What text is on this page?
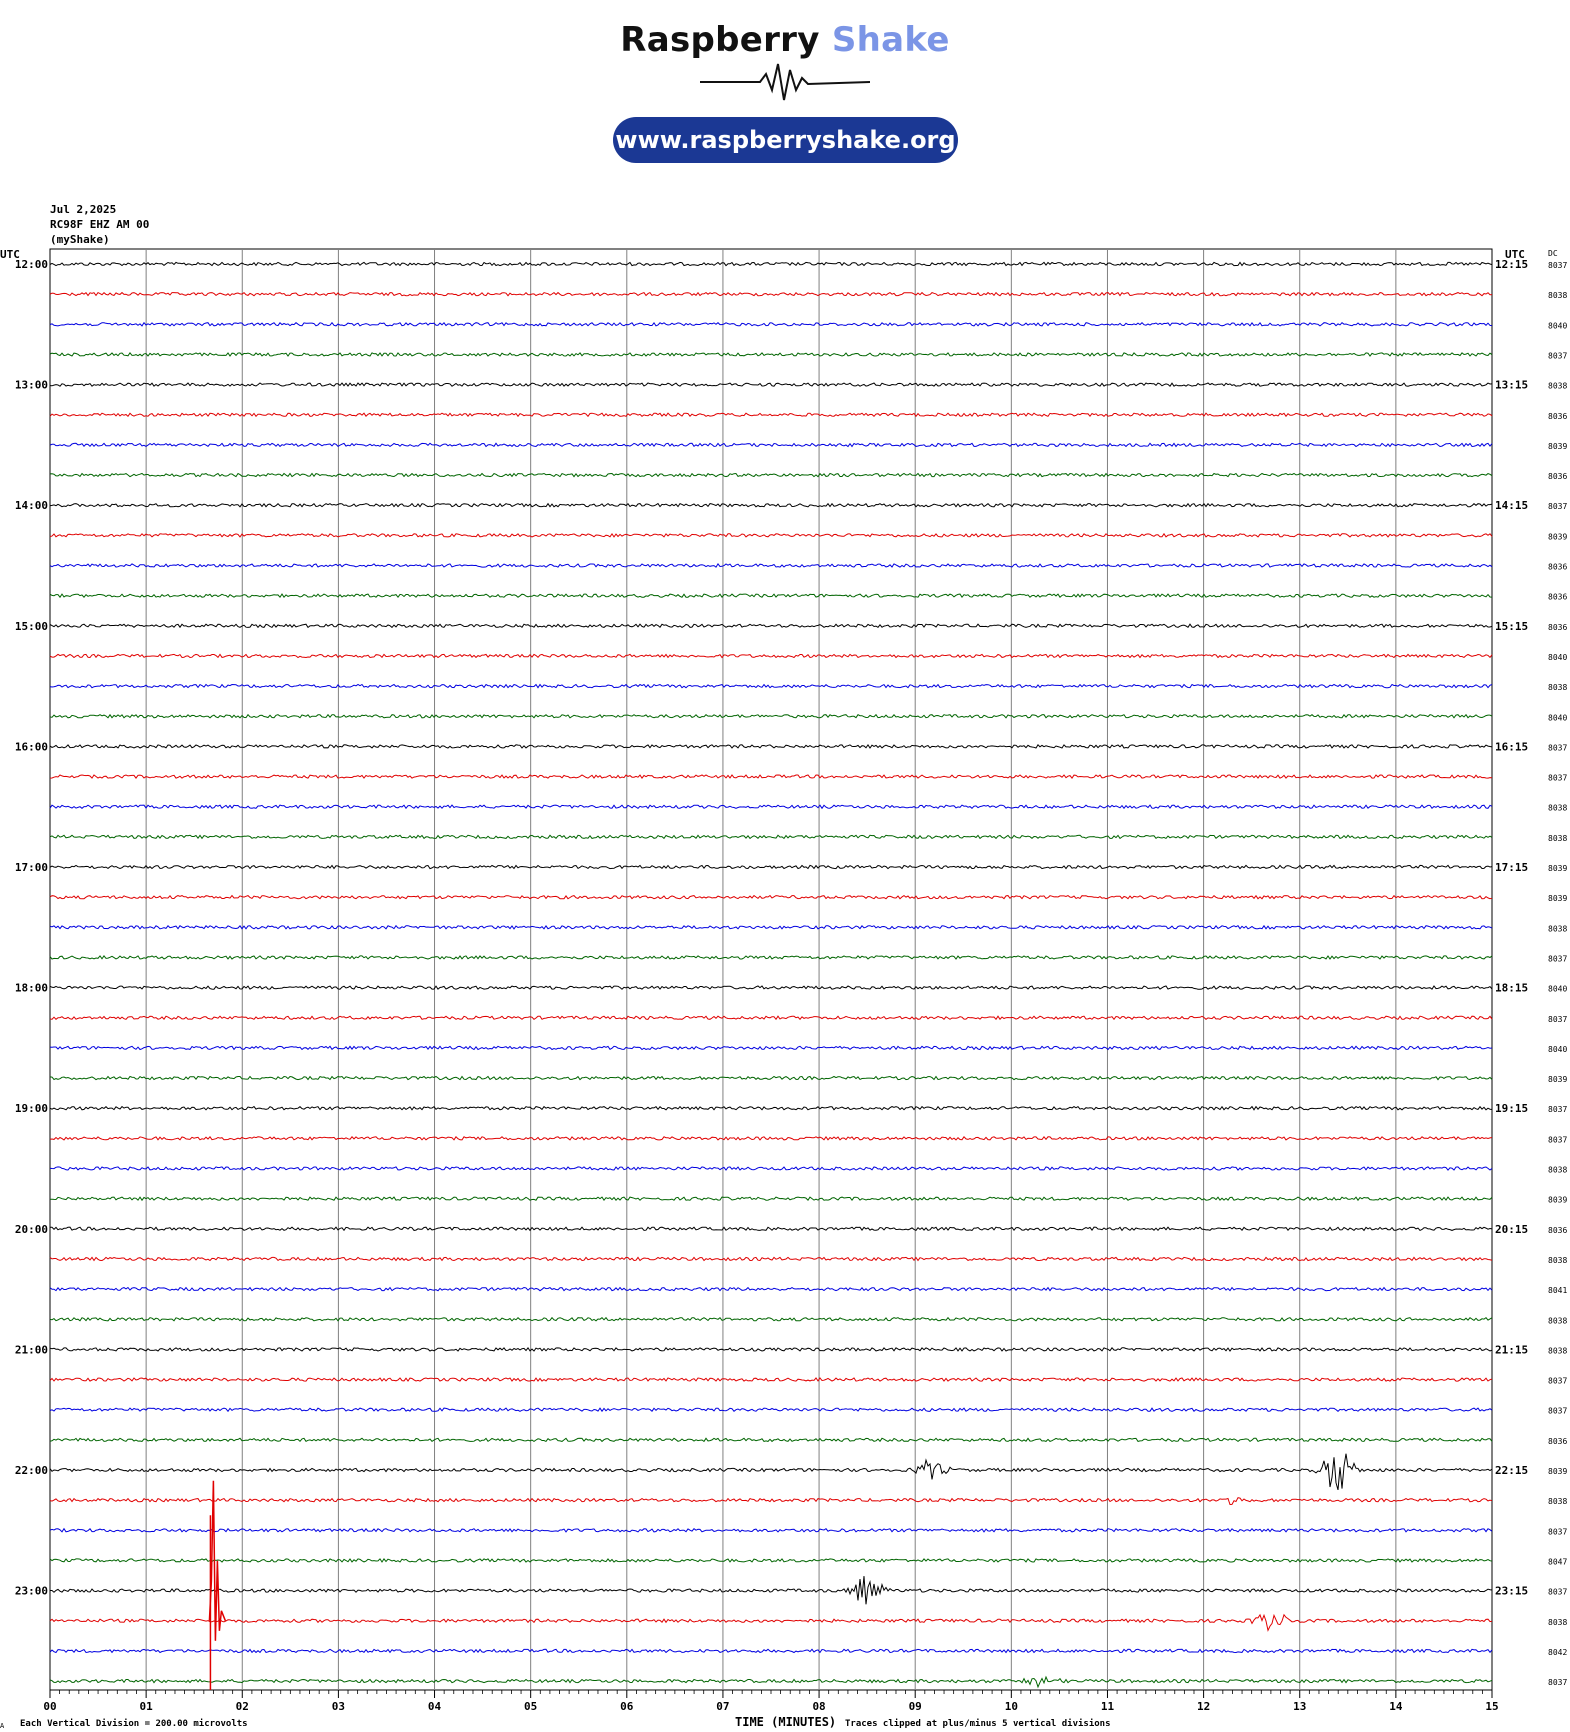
Raspberry Shake
www.raspberryshake.org
Jul 2,2025
RC98F EHZ AM 00
(myShake)
00	01	02	03	04	05	06	07	08	09	10	11	12	13	14	15
UTC	UTC	DC
8037
12:00	12:15
8038
8040
8037
8038
13:00	13:15
8036
8039
8036
8037
14:00	14:15
8039
8036
8036
8036
15:00	15:15
8040
8038
8040
8037
16:00	16:15
8037
8038
8038
8039
17:00	17:15
8039
8038
8037
8040
18:00	18:15
8037
8040
8039
8037
19:00	19:15
8037
8038
8039
8036
20:00	20:15
8038
8041
8038
8038
21:00	21:15
8037
8037
8036
8039
22:00	22:15
8038
8037
8047
8037
23:00	23:15
8038
8042
8037
TIME (MINUTES)
Each Vertical Division = 200.00 microvolts	Traces clipped at plus/minus 5 vertical divisions
A
